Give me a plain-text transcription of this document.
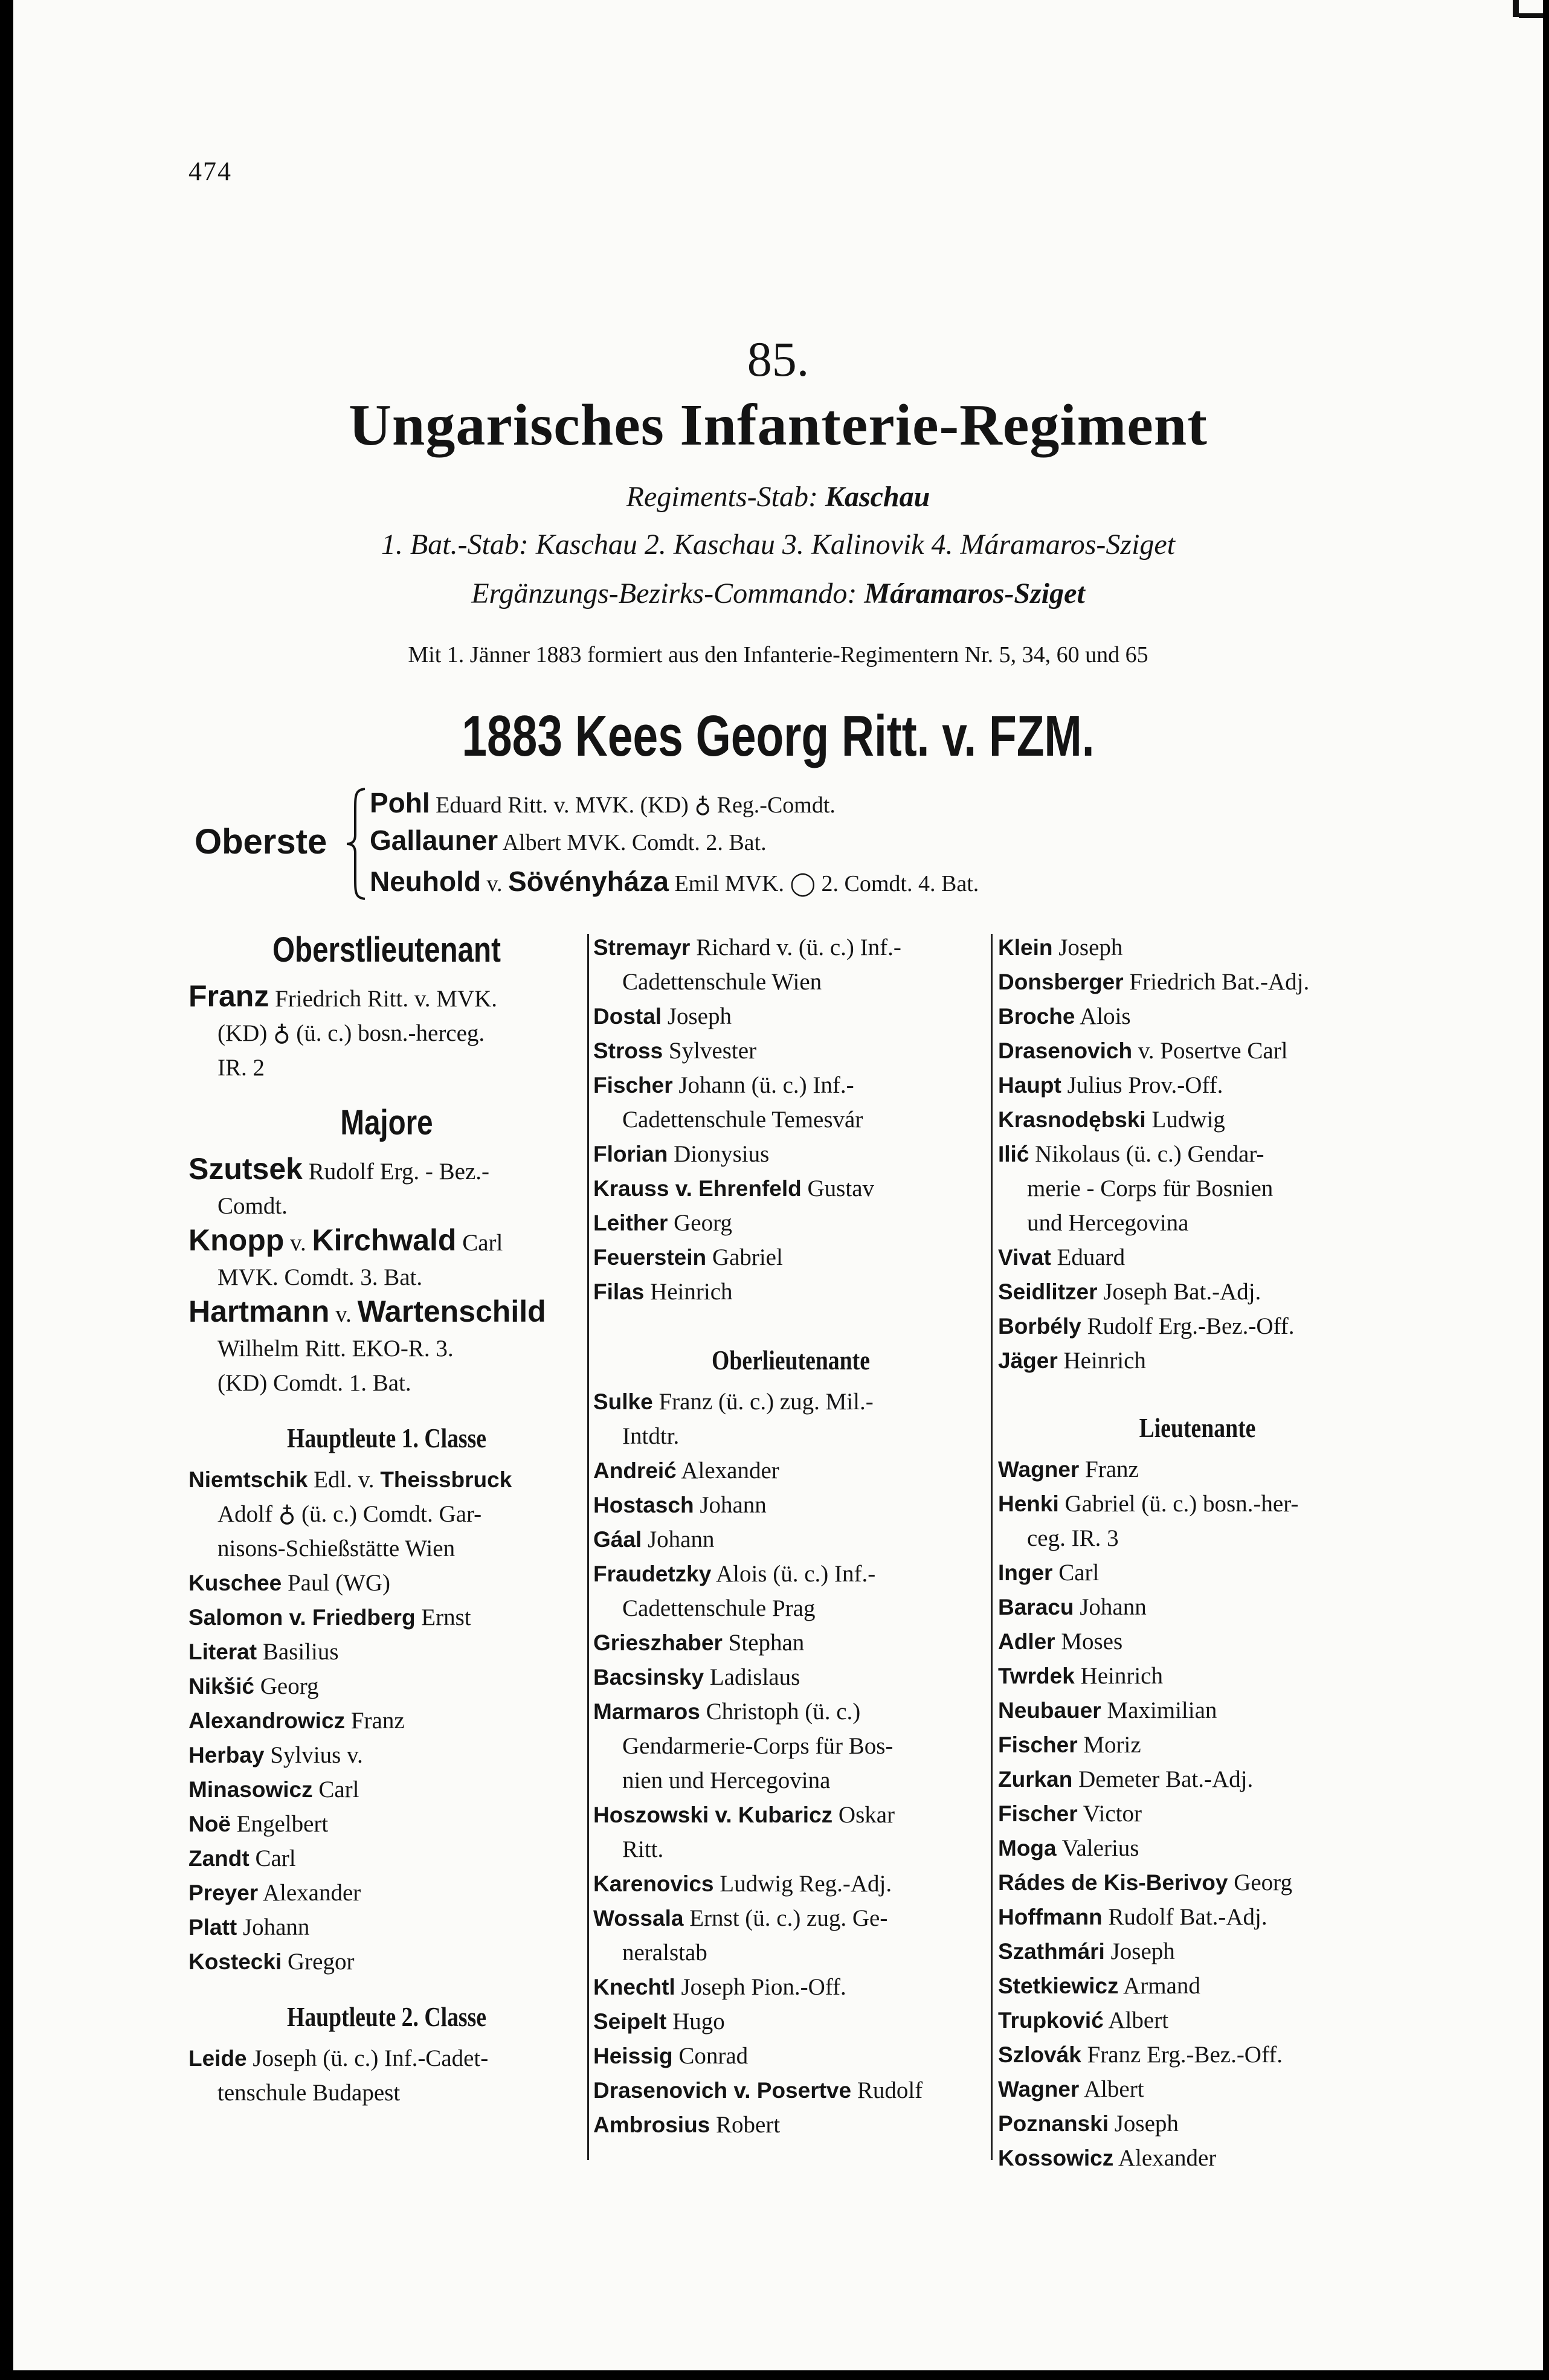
474
85.
Ungarisches Infanterie-Regiment
Regiments-Stab: Kaschau
1. Bat.-Stab: Kaschau 2. Kaschau 3. Kalinovik 4. Máramaros-Sziget
Ergänzungs-Bezirks-Commando: Máramaros-Sziget
Mit 1. Jänner 1883 formiert aus den Infanterie-Regimentern Nr. 5, 34, 60 und 65
1883 Kees Georg Ritt. v. FZM.
Oberste
Pohl Eduard Ritt. v. MVK. (KD) ♁ Reg.-Comdt.
Gallauner Albert MVK. Comdt. 2. Bat.
Neuhold v. Sövényháza Emil MVK. ◯ 2. Comdt. 4. Bat.
Oberstlieutenant
Franz Friedrich Ritt. v. MVK.
(KD) ♁ (ü. c.) bosn.-herceg.
IR. 2
Majore
Szutsek Rudolf Erg. - Bez.-
Comdt.
Knopp v. Kirchwald Carl
MVK. Comdt. 3. Bat.
Hartmann v. Wartenschild
Wilhelm Ritt. EKO-R. 3.
(KD) Comdt. 1. Bat.
Hauptleute 1. Classe
Niemtschik Edl. v. Theissbruck
Adolf ♁ (ü. c.) Comdt. Gar-
nisons-Schießstätte Wien
Kuschee Paul (WG)
Salomon v. Friedberg Ernst
Literat Basilius
Nikšić Georg
Alexandrowicz Franz
Herbay Sylvius v.
Minasowicz Carl
Noë Engelbert
Zandt Carl
Preyer Alexander
Platt Johann
Kostecki Gregor
Hauptleute 2. Classe
Leide Joseph (ü. c.) Inf.-Cadet-
tenschule Budapest
Stremayr Richard v. (ü. c.) Inf.-
Cadettenschule Wien
Dostal Joseph
Stross Sylvester
Fischer Johann (ü. c.) Inf.-
Cadettenschule Temesvár
Florian Dionysius
Krauss v. Ehrenfeld Gustav
Leither Georg
Feuerstein Gabriel
Filas Heinrich
Oberlieutenante
Sulke Franz (ü. c.) zug. Mil.-
Intdtr.
Andreić Alexander
Hostasch Johann
Gáal Johann
Fraudetzky Alois (ü. c.) Inf.-
Cadettenschule Prag
Grieszhaber Stephan
Bacsinsky Ladislaus
Marmaros Christoph (ü. c.)
Gendarmerie-Corps für Bos-
nien und Hercegovina
Hoszowski v. Kubaricz Oskar
Ritt.
Karenovics Ludwig Reg.-Adj.
Wossala Ernst (ü. c.) zug. Ge-
neralstab
Knechtl Joseph Pion.-Off.
Seipelt Hugo
Heissig Conrad
Drasenovich v. Posertve Rudolf
Ambrosius Robert
Klein Joseph
Donsberger Friedrich Bat.-Adj.
Broche Alois
Drasenovich v. Posertve Carl
Haupt Julius Prov.-Off.
Krasnodębski Ludwig
Ilić Nikolaus (ü. c.) Gendar-
merie - Corps für Bosnien
und Hercegovina
Vivat Eduard
Seidlitzer Joseph Bat.-Adj.
Borbély Rudolf Erg.-Bez.-Off.
Jäger Heinrich
Lieutenante
Wagner Franz
Henki Gabriel (ü. c.) bosn.-her-
ceg. IR. 3
Inger Carl
Baracu Johann
Adler Moses
Twrdek Heinrich
Neubauer Maximilian
Fischer Moriz
Zurkan Demeter Bat.-Adj.
Fischer Victor
Moga Valerius
Rádes de Kis-Berivoy Georg
Hoffmann Rudolf Bat.-Adj.
Szathmári Joseph
Stetkiewicz Armand
Trupković Albert
Szlovák Franz Erg.-Bez.-Off.
Wagner Albert
Poznanski Joseph
Kossowicz Alexander
